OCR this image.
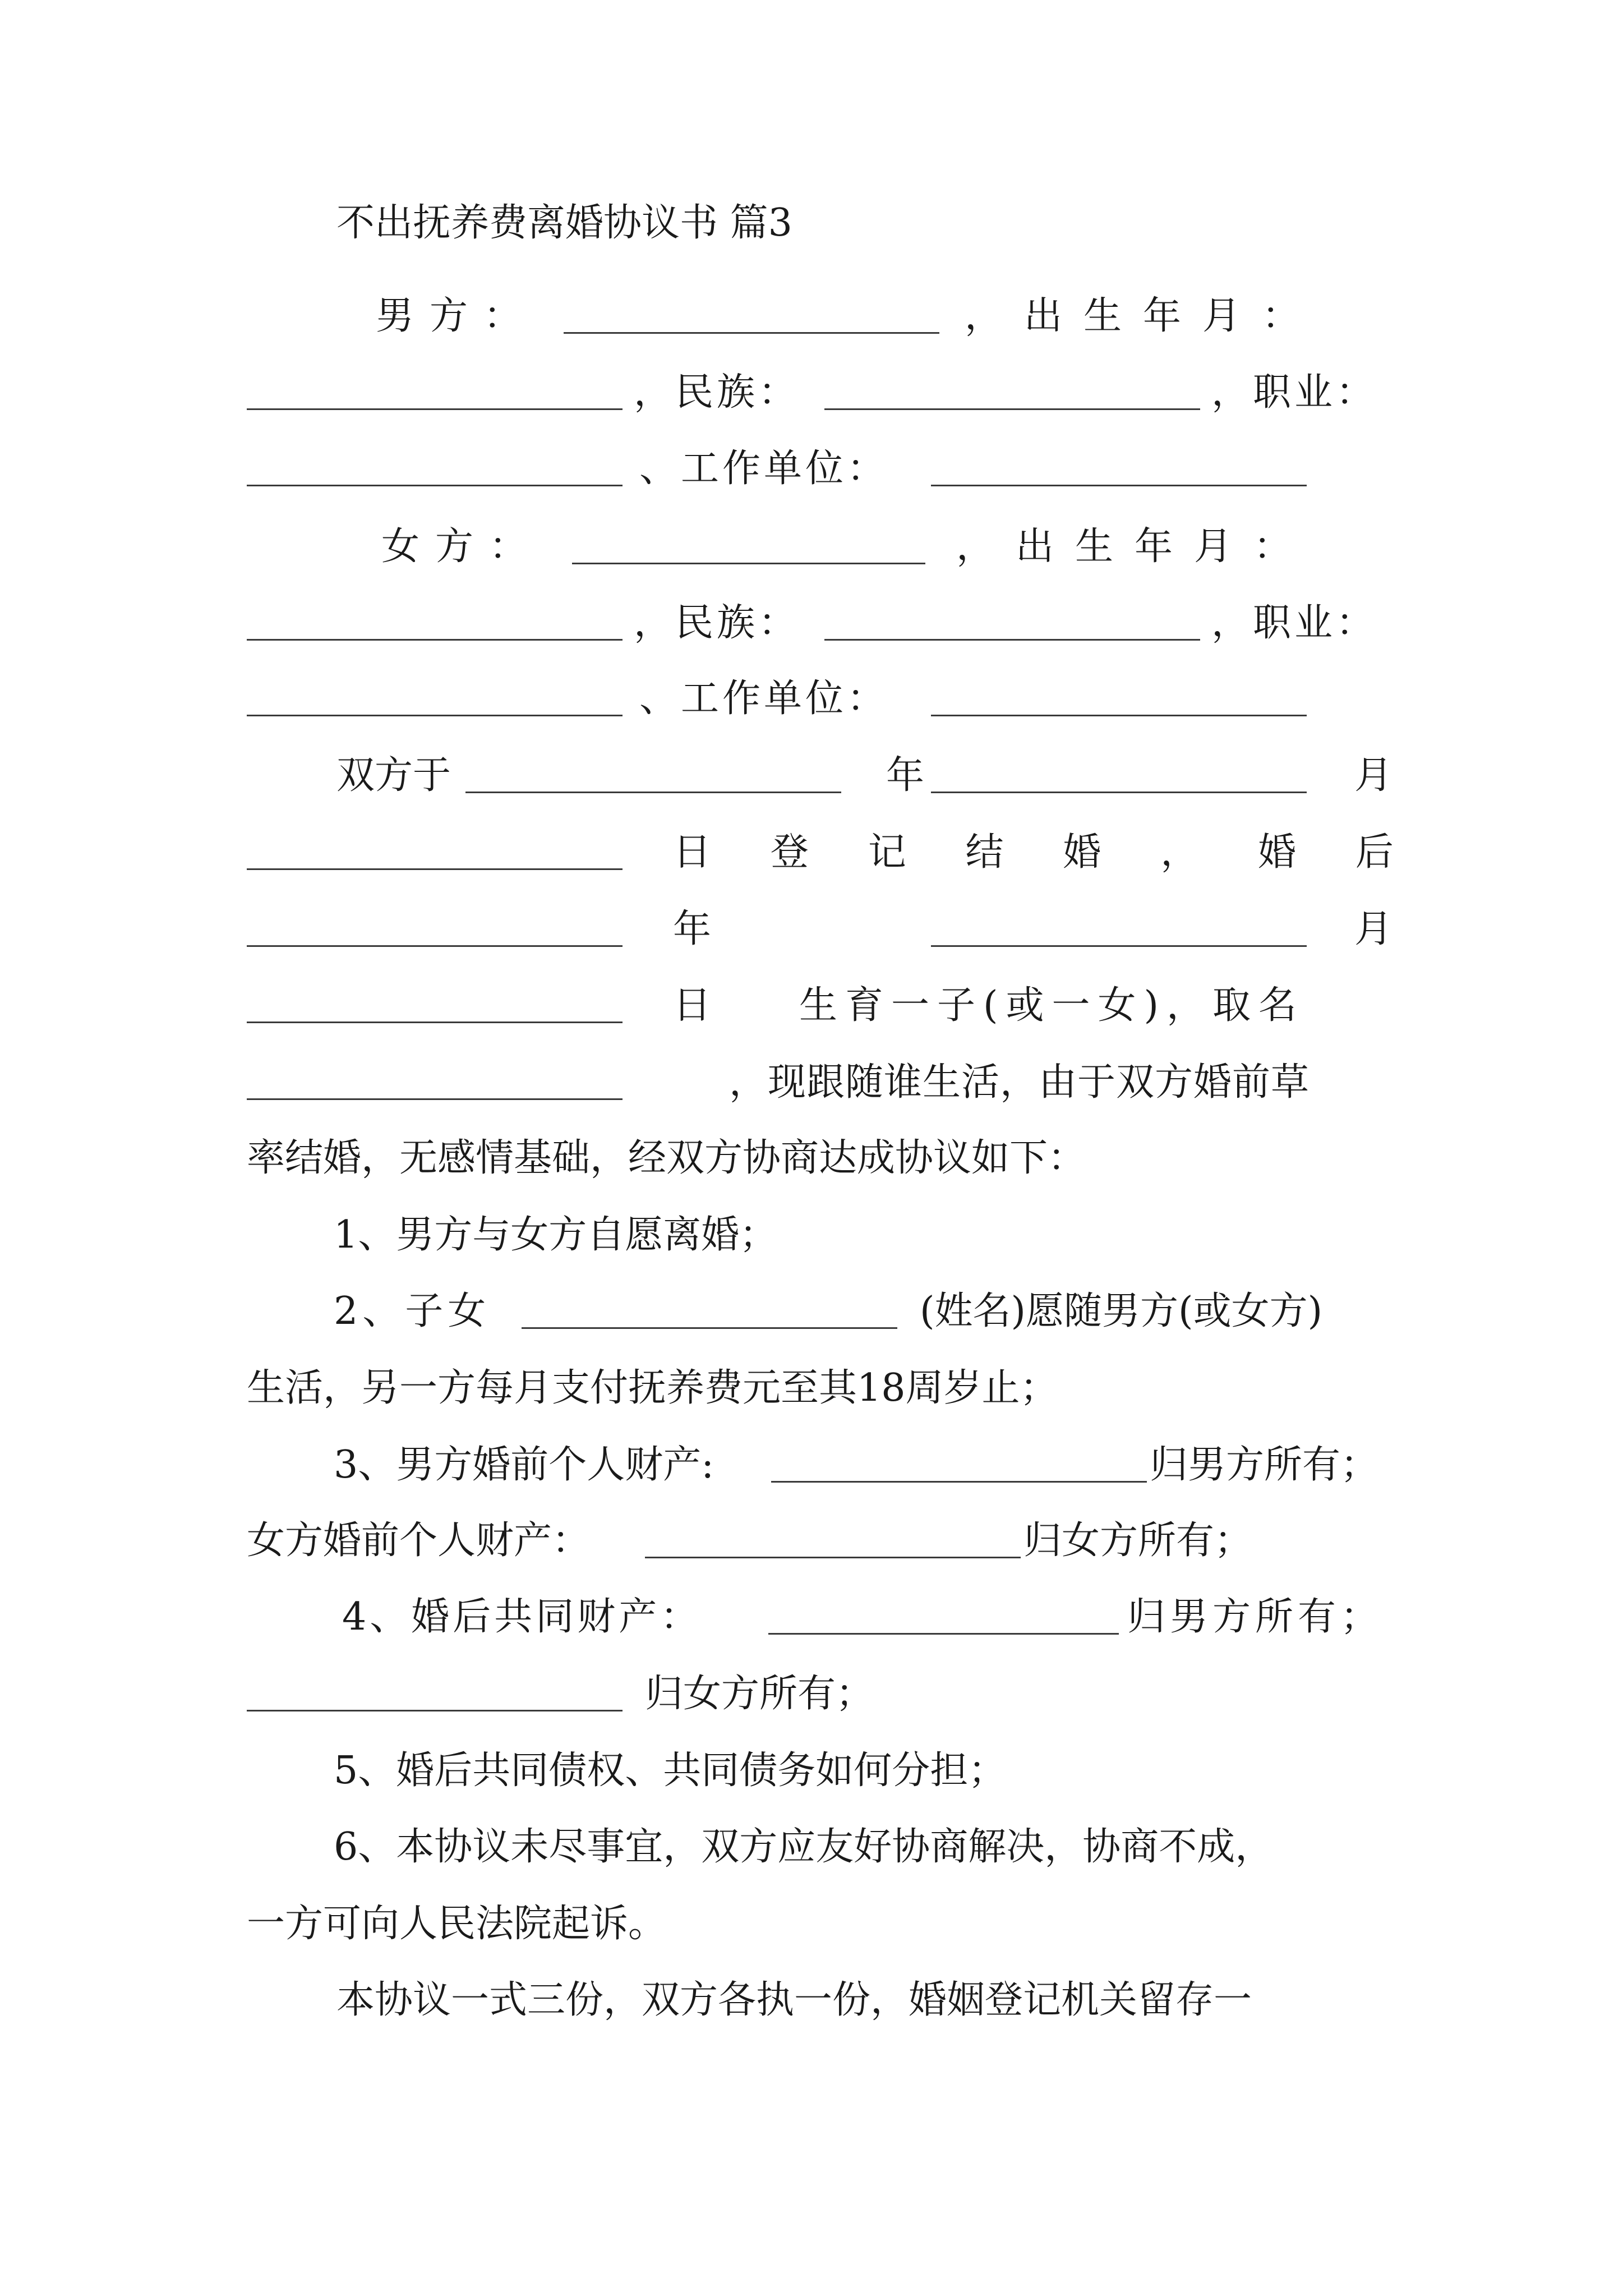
不出抚养费离婚协议书 篇3
男方：	，出生年月：
，民族：	，职业：
、工作单位：
女方：	，出生年月：
，民族：	，职业：
、工作单位：
双方于	年	月
日 登 记 结 婚 ， 婚 后
年	月
日 生育一子(或一女)，取名
，现跟随谁生活，由于双方婚前草
率结婚，无感情基础，经双方协商达成协议如下：
1、男方与女方自愿离婚；
2、子女	(姓名)愿随男方(或女方)
生活，另一方每月支付抚养费元至其18周岁止；
3、男方婚前个人财产:	归男方所有；
女方婚前个人财产：	归女方所有；
4、婚后共同财产：	归男方所有；
归女方所有；
5、婚后共同债权、共同债务如何分担；
6、本协议未尽事宜，双方应友好协商解决，协商不成，
一方可向人民法院起诉。
本协议一式三份，双方各执一份，婚姻登记机关留存一
